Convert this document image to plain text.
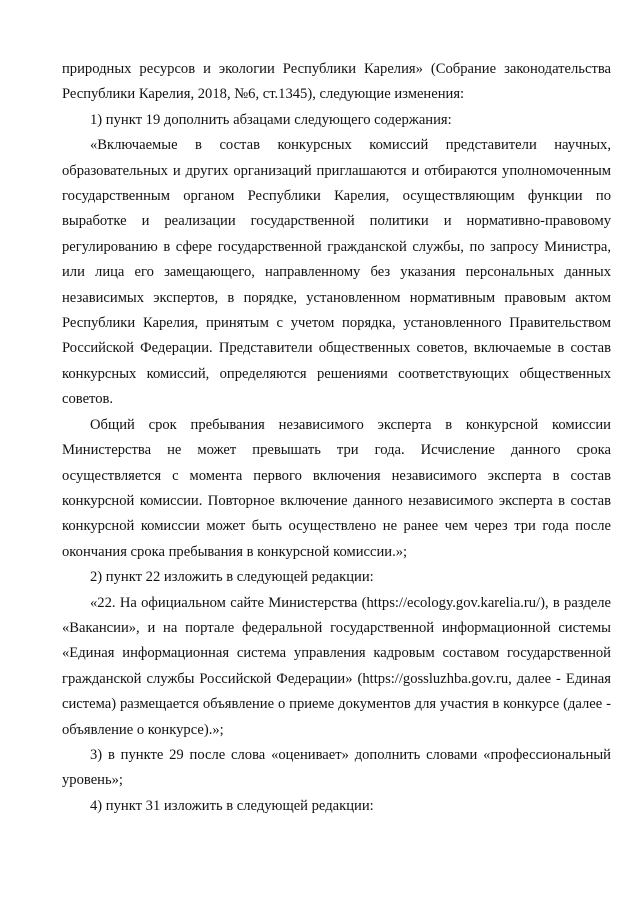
природных ресурсов и экологии Республики Карелия» (Собрание законодательства Республики Карелия, 2018, №6, ст.1345), следующие изменения:

1) пункт 19 дополнить абзацами следующего содержания:

«Включаемые в состав конкурсных комиссий представители научных, образовательных и других организаций приглашаются и отбираются уполномоченным государственным органом Республики Карелия, осуществляющим функции по выработке и реализации государственной политики и нормативно-правовому регулированию в сфере государственной гражданской службы, по запросу Министра, или лица его замещающего, направленному без указания персональных данных независимых экспертов, в порядке, установленном нормативным правовым актом Республики Карелия, принятым с учетом порядка, установленного Правительством Российской Федерации. Представители общественных советов, включаемые в состав конкурсных комиссий, определяются решениями соответствующих общественных советов.

Общий срок пребывания независимого эксперта в конкурсной комиссии Министерства не может превышать три года. Исчисление данного срока осуществляется с момента первого включения независимого эксперта в состав конкурсной комиссии. Повторное включение данного независимого эксперта в состав конкурсной комиссии может быть осуществлено не ранее чем через три года после окончания срока пребывания в конкурсной комиссии.»;

2) пункт 22 изложить в следующей редакции:

«22. На официальном сайте Министерства (https://ecology.gov.karelia.ru/), в разделе «Вакансии», и на портале федеральной государственной информационной системы «Единая информационная система управления кадровым составом государственной гражданской службы Российской Федерации» (https://gossluzhba.gov.ru, далее - Единая система) размещается объявление о приеме документов для участия в конкурсе (далее - объявление о конкурсе).»;

3) в пункте 29 после слова «оценивает» дополнить словами «профессиональный уровень»;

4) пункт 31 изложить в следующей редакции:
